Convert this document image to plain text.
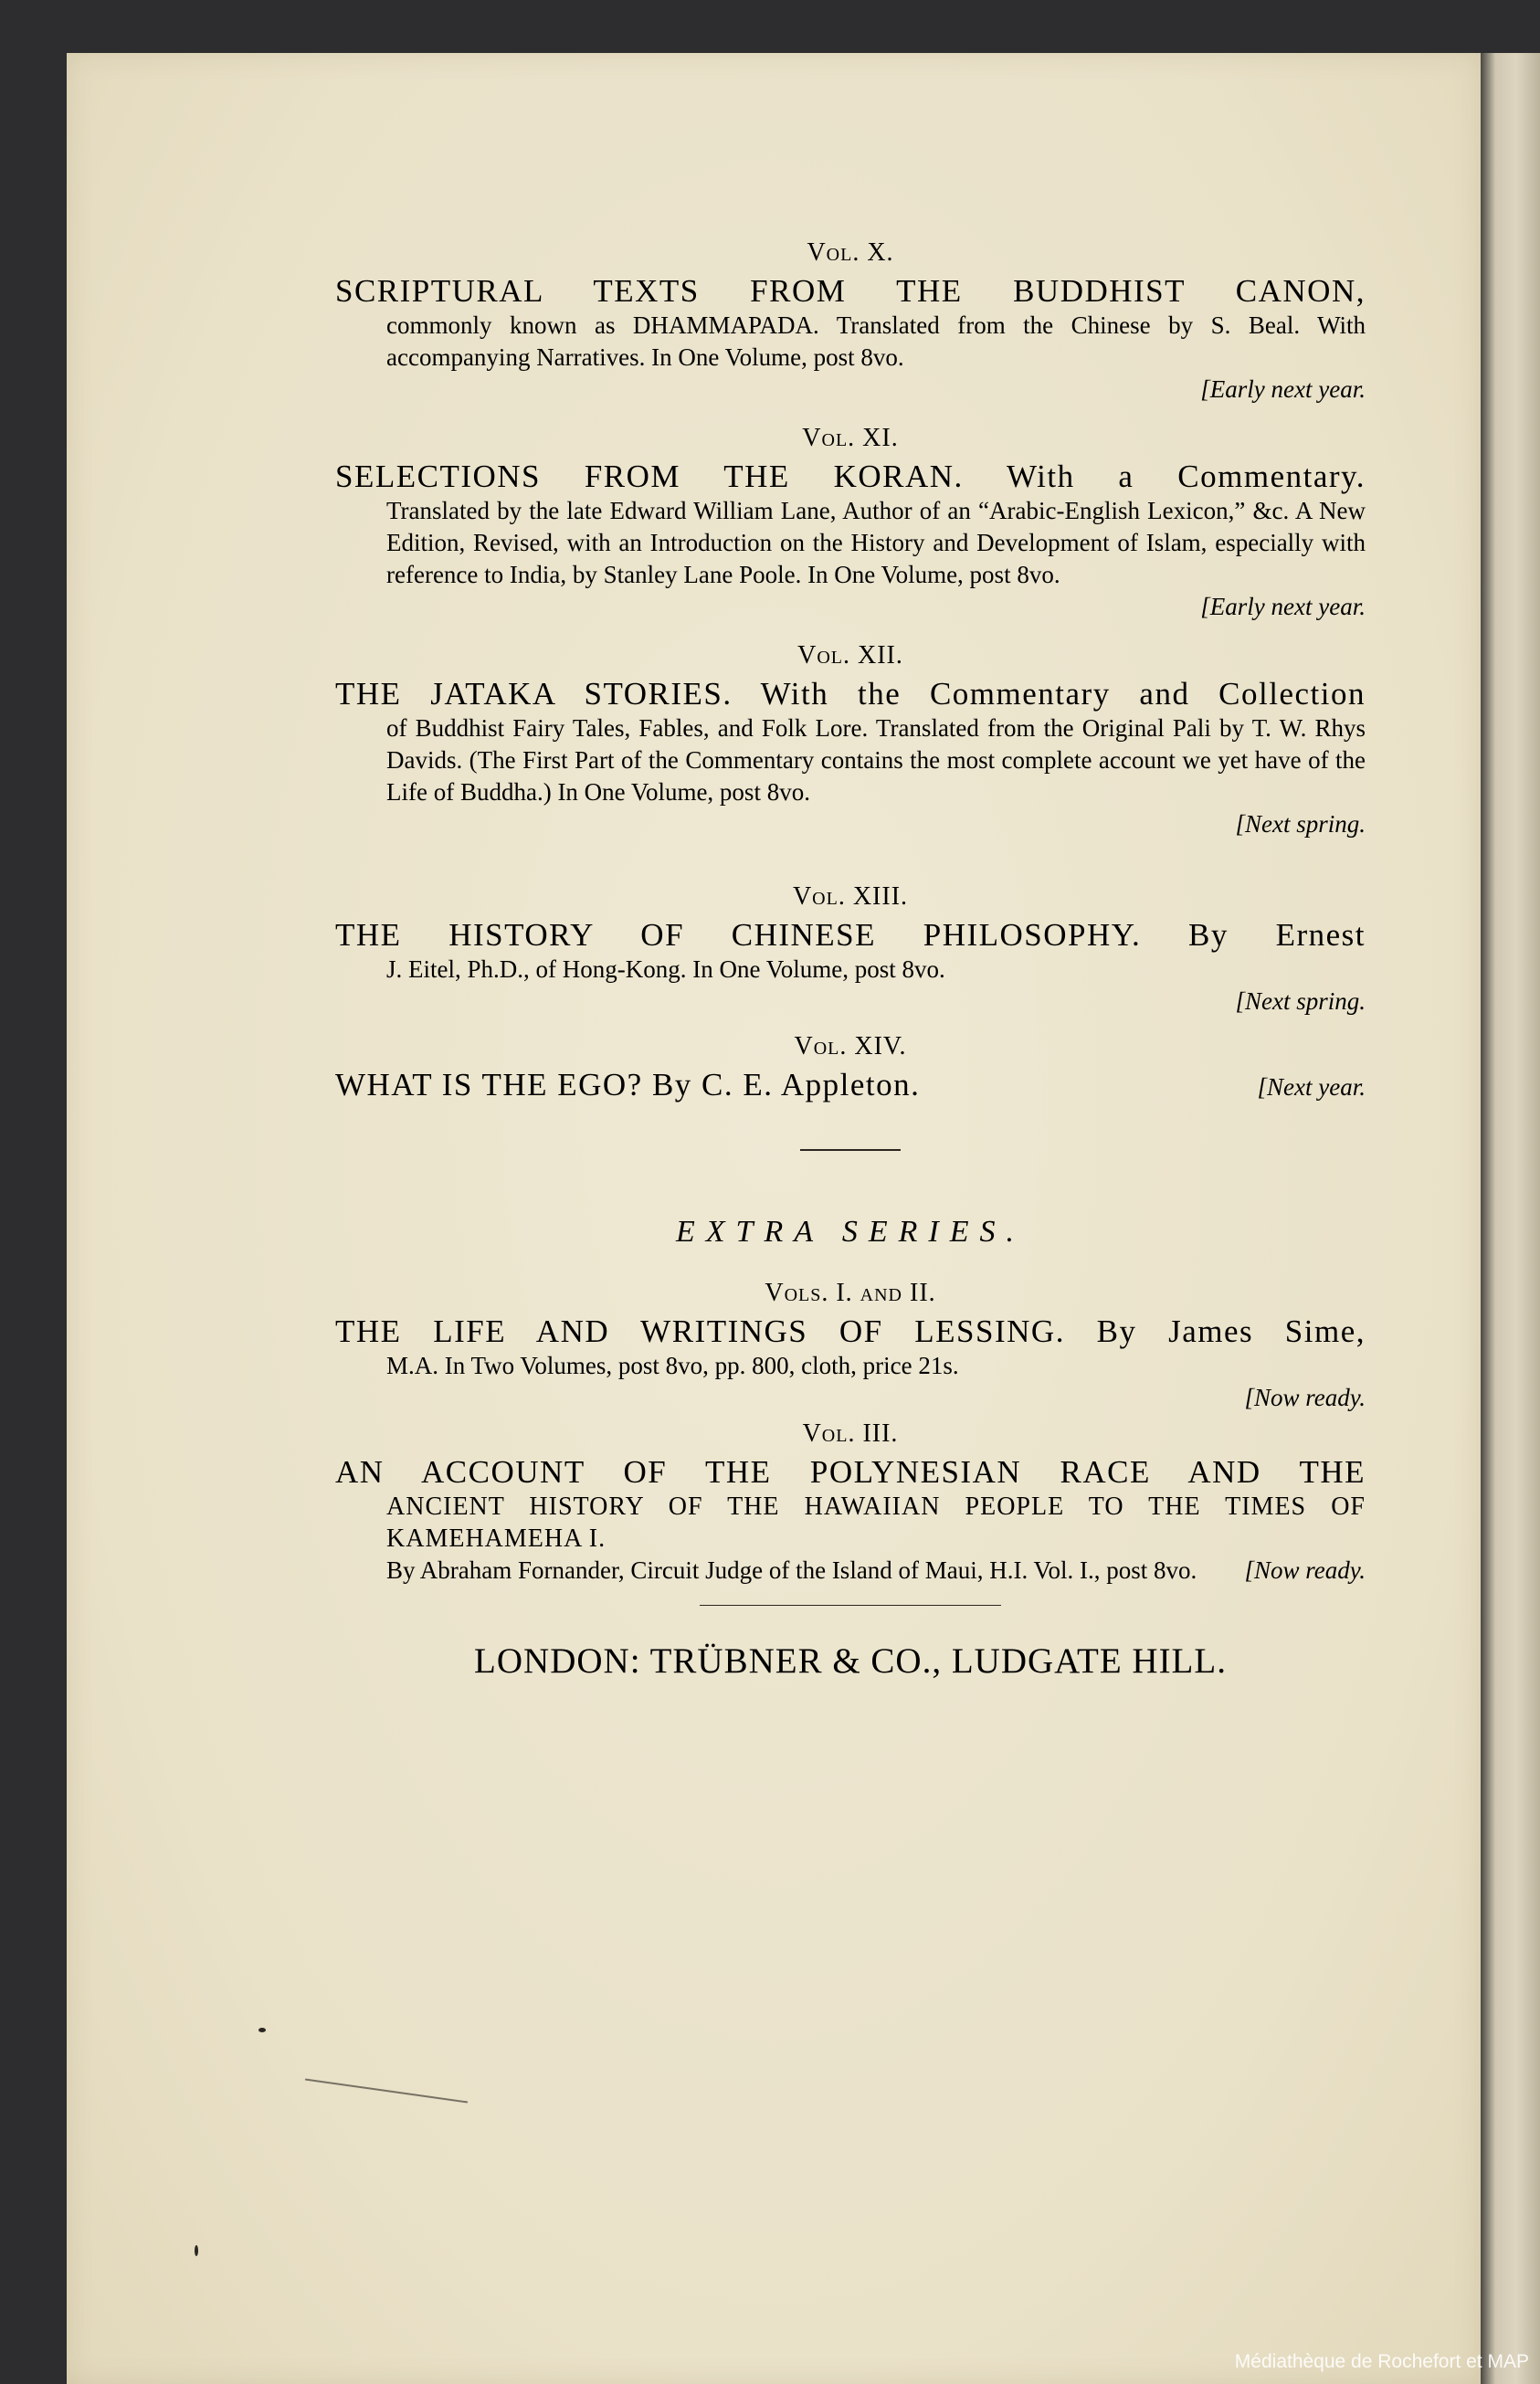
Vol. X.

SCRIPTURAL TEXTS FROM THE BUDDHIST CANON,

commonly known as DHAMMAPADA. Translated from the Chinese by S. Beal. With accompanying Narratives. In One Volume, post 8vo.

[Early next year.

Vol. XI.

SELECTIONS FROM THE KORAN. With a Commentary.

Translated by the late Edward William Lane, Author of an “Arabic-English Lexicon,” &c. A New Edition, Revised, with an Introduction on the History and Development of Islam, especially with reference to India, by Stanley Lane Poole. In One Volume, post 8vo.

[Early next year.

Vol. XII.

THE JATAKA STORIES. With the Commentary and Collection

of Buddhist Fairy Tales, Fables, and Folk Lore. Translated from the Original Pali by T. W. Rhys Davids. (The First Part of the Commentary contains the most complete account we yet have of the Life of Buddha.) In One Volume, post 8vo.

[Next spring.

Vol. XIII.

THE HISTORY OF CHINESE PHILOSOPHY. By Ernest

J. Eitel, Ph.D., of Hong-Kong. In One Volume, post 8vo.

[Next spring.

Vol. XIV.

WHAT IS THE EGO? By C. E. Appleton.	[Next year.

EXTRA SERIES.

Vols. I. and II.

THE LIFE AND WRITINGS OF LESSING. By James Sime,

M.A. In Two Volumes, post 8vo, pp. 800, cloth, price 21s.

[Now ready.

Vol. III.

AN ACCOUNT OF THE POLYNESIAN RACE AND THE

ANCIENT HISTORY OF THE HAWAIIAN PEOPLE TO THE TIMES OF KAMEHAMEHA I.

By Abraham Fornander, Circuit Judge of the Island of Maui, H.I. Vol. I., post 8vo. [Now ready.

LONDON: TRÜBNER & CO., LUDGATE HILL.

Médiathèque de Rochefort et MAP
